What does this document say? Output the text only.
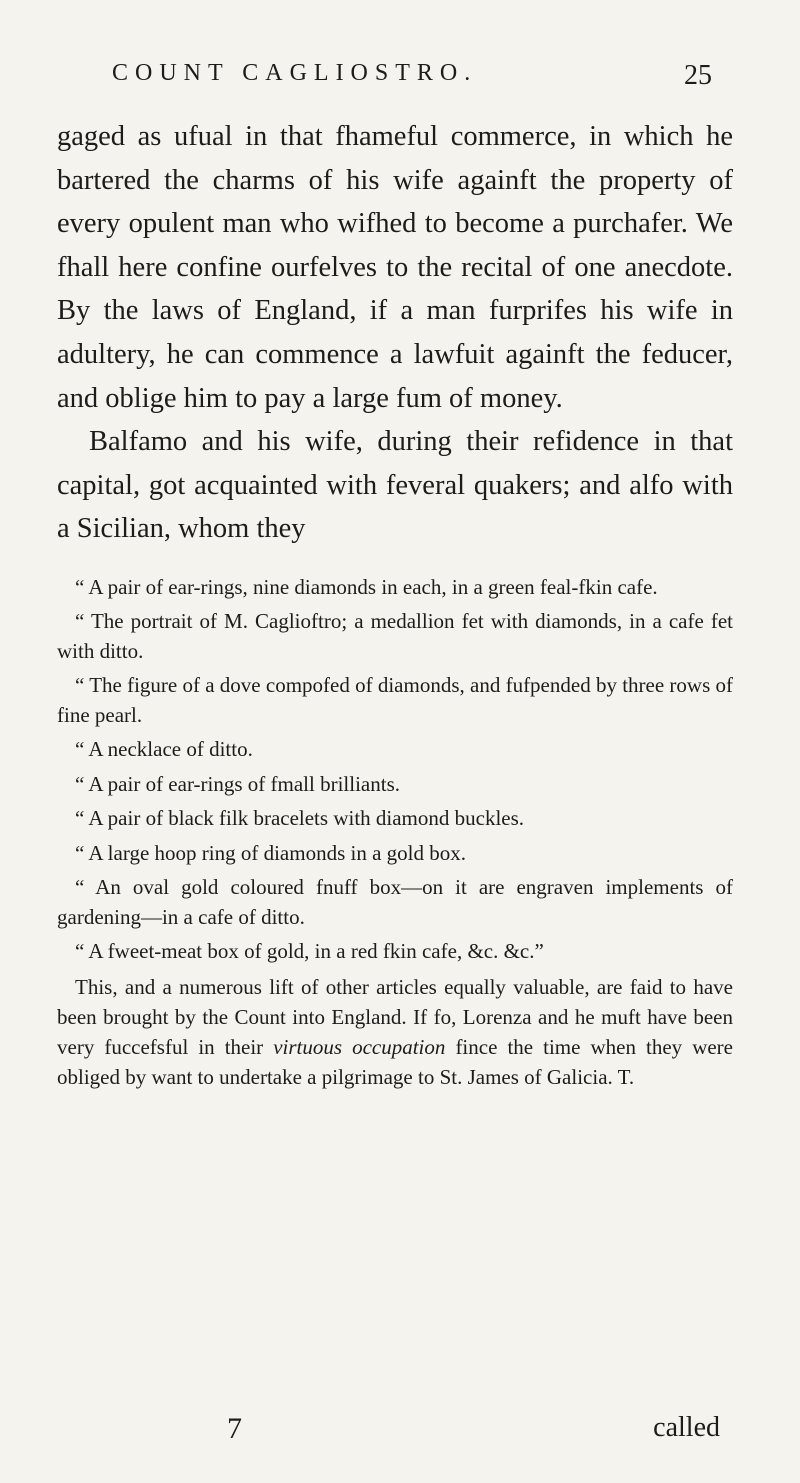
COUNT CAGLIOSTRO.	25

gaged as ufual in that fhameful commerce, in which he bartered the charms of his wife againft the property of every opulent man who wifhed to become a purchafer. We fhall here confine ourfelves to the recital of one anecdote. By the laws of England, if a man furprifes his wife in adultery, he can commence a lawfuit againft the feducer, and oblige him to pay a large fum of money.

Balfamo and his wife, during their refidence in that capital, got acquainted with feveral quakers; and alfo with a Sicilian, whom they

“ A pair of ear-rings, nine diamonds in each, in a green feal-fkin cafe.

“ The portrait of M. Caglioftro; a medallion fet with diamonds, in a cafe fet with ditto.

“ The figure of a dove compofed of diamonds, and fufpended by three rows of fine pearl.

“ A necklace of ditto.

“ A pair of ear-rings of fmall brilliants.

“ A pair of black filk bracelets with diamond buckles.

“ A large hoop ring of diamonds in a gold box.

“ An oval gold coloured fnuff box—on it are engraven implements of gardening—in a cafe of ditto.

“ A fweet-meat box of gold, in a red fkin cafe, &c. &c.”

This, and a numerous lift of other articles equally valuable, are faid to have been brought by the Count into England. If fo, Lorenza and he muft have been very fuccefsful in their virtuous occupation fince the time when they were obliged by want to undertake a pilgrimage to St. James of Galicia. T.

7	called
